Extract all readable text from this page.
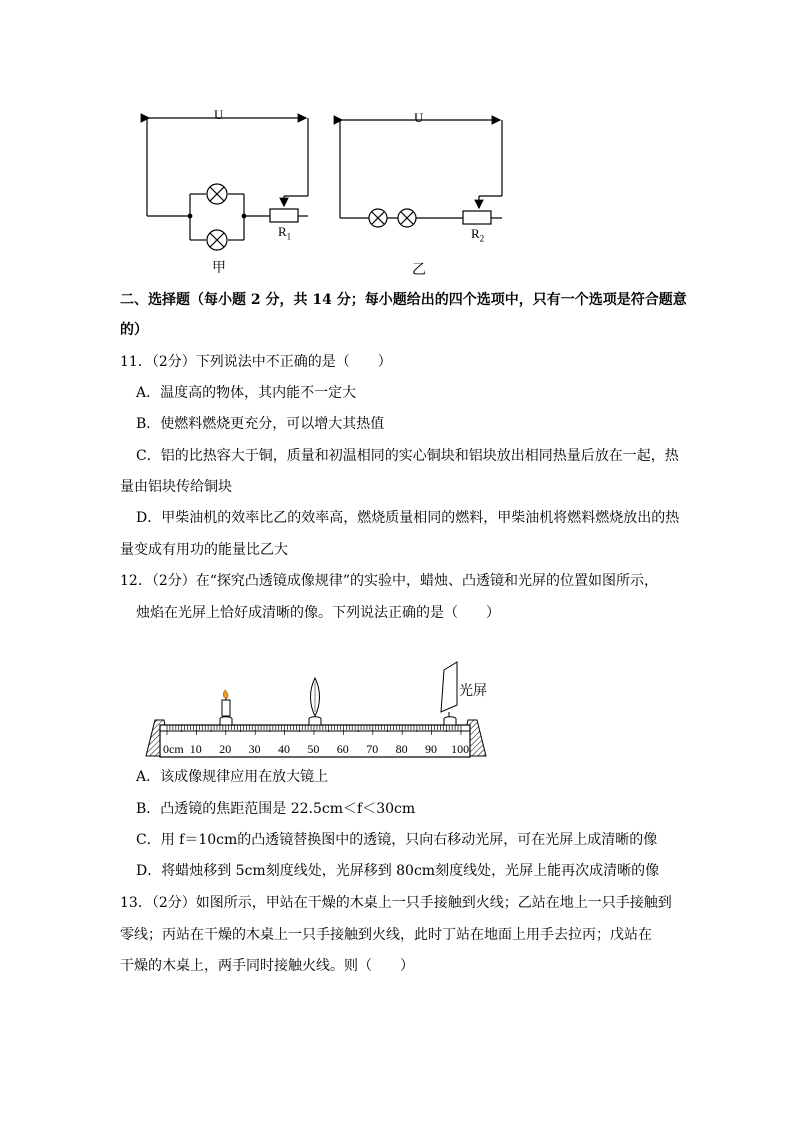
U
$R_1$
甲
U
$R_2$
乙
光屏
0cm 10 20 30 40 50 60 70 80 90 100
二、选择题（每小题 2 分，共 14 分；每小题给出的四个选项中，只有一个选项是符合题意
的）
11．（2分）下列说法中不正确的是（　　）
A．温度高的物体，其内能不一定大
B．使燃料燃烧更充分，可以增大其热值
C．铝的比热容大于铜，质量和初温相同的实心铜块和铝块放出相同热量后放在一起，热
量由铝块传给铜块
D．甲柴油机的效率比乙的效率高，燃烧质量相同的燃料，甲柴油机将燃料燃烧放出的热
量变成有用功的能量比乙大
12．（2分）在“探究凸透镜成像规律”的实验中，蜡烛、凸透镜和光屏的位置如图所示，
烛焰在光屏上恰好成清晰的像。下列说法正确的是（　　）
A．该成像规律应用在放大镜上
B．凸透镜的焦距范围是 22.5cm＜f＜30cm
C．用 f＝10cm的凸透镜替换图中的透镜，只向右移动光屏，可在光屏上成清晰的像
D．将蜡烛移到 5cm刻度线处，光屏移到 80cm刻度线处，光屏上能再次成清晰的像
13．（2分）如图所示，甲站在干燥的木桌上一只手接触到火线；乙站在地上一只手接触到
零线；丙站在干燥的木桌上一只手接触到火线，此时丁站在地面上用手去拉丙；戊站在
干燥的木桌上，两手同时接触火线。则（　　）
